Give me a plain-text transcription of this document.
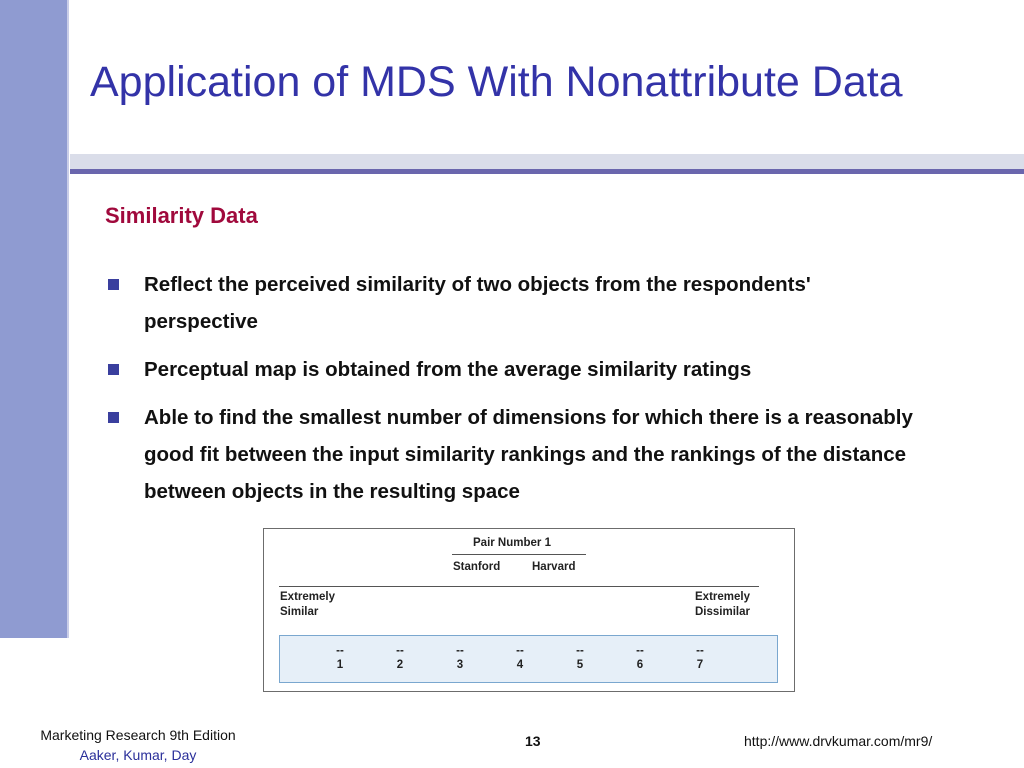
Application of MDS With Nonattribute Data
Similarity Data
Reflect the perceived similarity of two objects from the respondents' perspective
Perceptual map is obtained from the average similarity ratings
Able to find the smallest number of dimensions for which there is a reasonably good fit between the input similarity rankings and the rankings of the distance between objects in the resulting space
Pair Number 1
Stanford	Harvard
Extremely
Similar
Extremely
Dissimilar
--
1
--
2
--
3
--
4
--
5
--
6
--
7
Marketing Research 9th Edition
Aaker, Kumar, Day
13	http://www.drvkumar.com/mr9/
